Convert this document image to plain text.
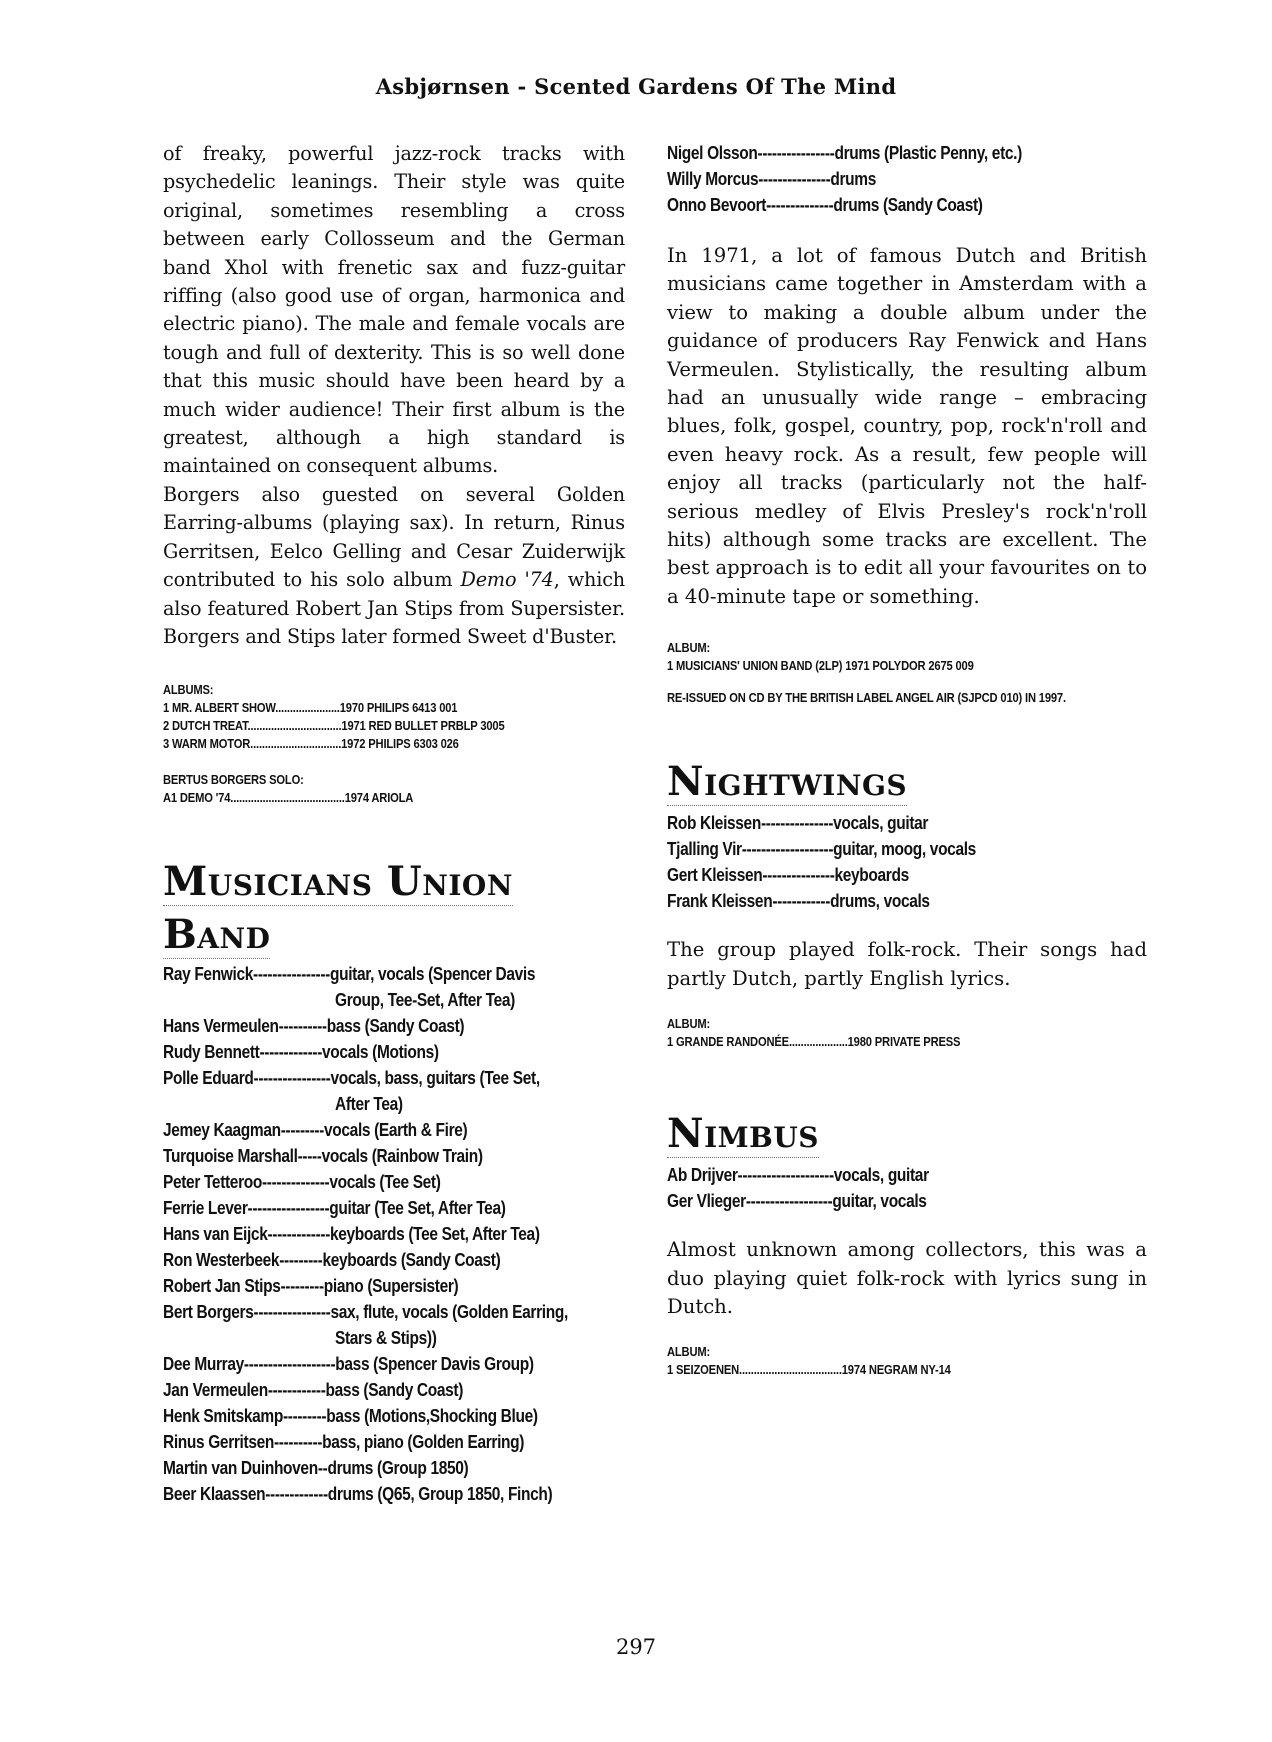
Asbjørnsen - Scented Gardens Of The Mind

of freaky, powerful jazz-rock tracks with psychedelic leanings. Their style was quite original, sometimes resembling a cross between early Collosseum and the German band Xhol with frenetic sax and fuzz-guitar riffing (also good use of organ, harmonica and electric piano). The male and female vocals are tough and full of dexterity. This is so well done that this music should have been heard by a much wider audience! Their first album is the greatest, although a high standard is maintained on consequent albums.

Borgers also guested on several Golden Earring-albums (playing sax). In return, Rinus Gerritsen, Eelco Gelling and Cesar Zuiderwijk contributed to his solo album Demo '74, which also featured Robert Jan Stips from Supersister. Borgers and Stips later formed Sweet d'Buster.

ALBUMS:
1 MR. ALBERT SHOW......................1970 PHILIPS 6413 001
2 DUTCH TREAT................................1971 RED BULLET PRBLP 3005
3 WARM MOTOR...............................1972 PHILIPS 6303 026
BERTUS BORGERS SOLO:
A1 DEMO '74.......................................1974 ARIOLA
Musicians Union
Band
Ray Fenwick ---------------- guitar, vocals (Spencer Davis
Group, Tee-Set, After Tea)
Hans Vermeulen ---------- bass (Sandy Coast)
Rudy Bennett ------------- vocals (Motions)
Polle Eduard ---------------- vocals, bass, guitars (Tee Set,
After Tea)
Jemey Kaagman --------- vocals (Earth & Fire)
Turquoise Marshall ----- vocals (Rainbow Train)
Peter Tetteroo -------------- vocals (Tee Set)
Ferrie Lever ----------------- guitar (Tee Set, After Tea)
Hans van Eijck ------------- keyboards (Tee Set, After Tea)
Ron Westerbeek --------- keyboards (Sandy Coast)
Robert Jan Stips --------- piano (Supersister)
Bert Borgers ---------------- sax, flute, vocals (Golden Earring,
Stars & Stips))
Dee Murray ------------------- bass (Spencer Davis Group)
Jan Vermeulen ------------ bass (Sandy Coast)
Henk Smitskamp --------- bass (Motions,Shocking Blue)
Rinus Gerritsen ---------- bass, piano (Golden Earring)
Martin van Duinhoven -- drums (Group 1850)
Beer Klaassen ------------- drums (Q65, Group 1850, Finch)
Nigel Olsson ---------------- drums (Plastic Penny, etc.)
Willy Morcus --------------- drums
Onno Bevoort -------------- drums (Sandy Coast)
In 1971, a lot of famous Dutch and British musicians came together in Amsterdam with a view to making a double album under the guidance of producers Ray Fenwick and Hans Vermeulen. Stylistically, the resulting album had an unusually wide range – embracing blues, folk, gospel, country, pop, rock'n'roll and even heavy rock. As a result, few people will enjoy all tracks (particularly not the half-serious medley of Elvis Presley's rock'n'roll hits) although some tracks are excellent. The best approach is to edit all your favourites on to a 40-minute tape or something.
ALBUM:
1 MUSICIANS' UNION BAND (2LP) 1971 POLYDOR 2675 009
RE-ISSUED ON CD BY THE BRITISH LABEL ANGEL AIR (SJPCD 010) IN 1997.
Nightwings
Rob Kleissen --------------- vocals, guitar
Tjalling Vir ------------------- guitar, moog, vocals
Gert Kleissen --------------- keyboards
Frank Kleissen ------------ drums, vocals
The group played folk-rock. Their songs had partly Dutch, partly English lyrics.
ALBUM:
1 GRANDE RANDONÉE....................1980 PRIVATE PRESS
Nimbus
Ab Drijver -------------------- vocals, guitar
Ger Vlieger ------------------ guitar, vocals
Almost unknown among collectors, this was a duo playing quiet folk-rock with lyrics sung in Dutch.
ALBUM:
1 SEIZOENEN...................................1974 NEGRAM NY-14
297
